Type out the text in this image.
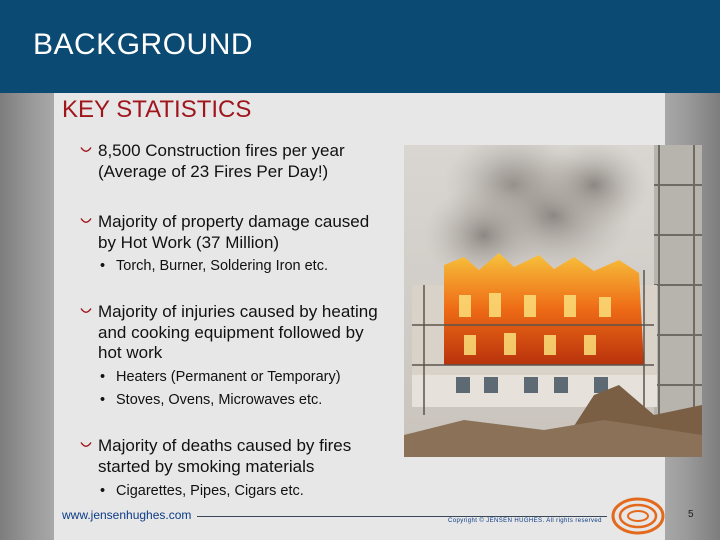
BACKGROUND
KEY STATISTICS
8,500 Construction fires per year (Average of 23 Fires Per Day!)
Majority of property damage caused by Hot Work (37 Million)
• Torch, Burner, Soldering Iron etc.
Majority of injuries caused by heating and cooking equipment followed by hot work
• Heaters (Permanent or Temporary)
• Stoves, Ovens, Microwaves etc.
Majority of deaths caused by fires started by smoking materials
• Cigarettes, Pipes, Cigars etc.
www.jensenhughes.com	Copyright © JENSEN HUGHES. All rights reserved
5
